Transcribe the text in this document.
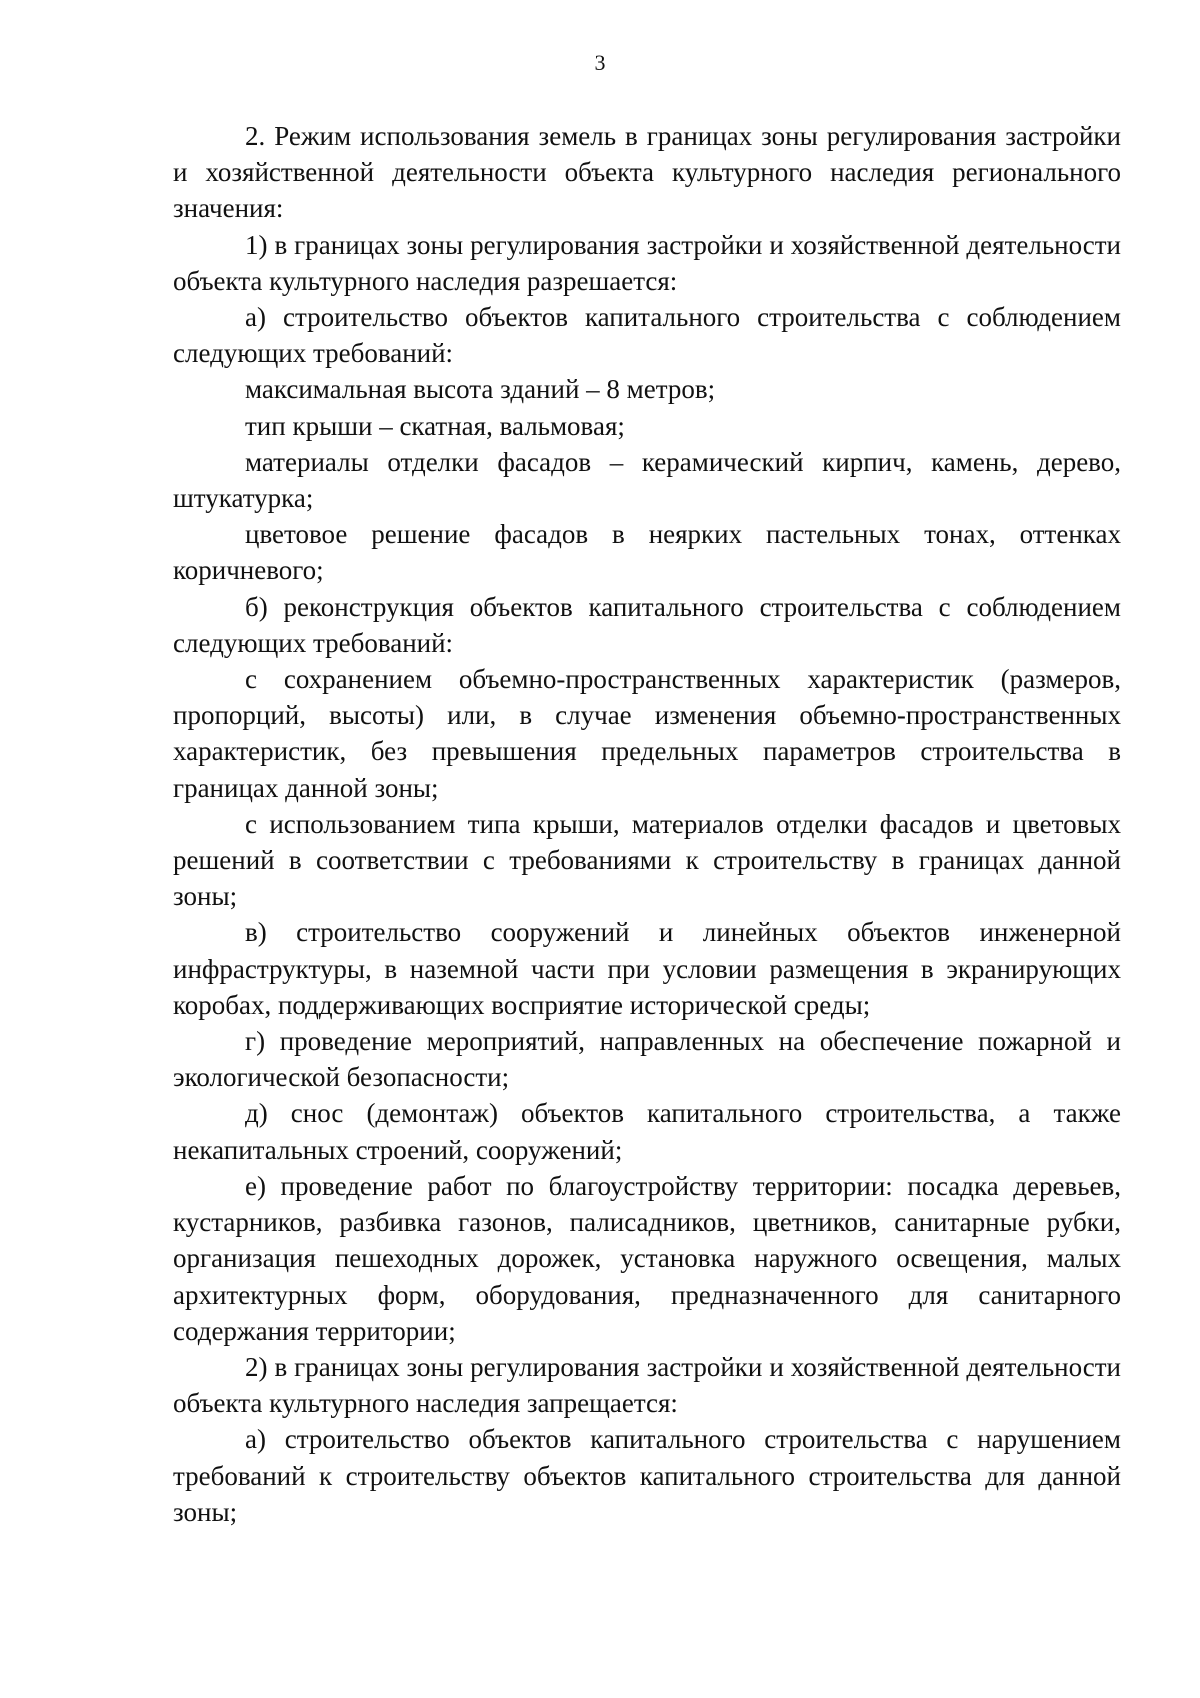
3

2. Режим использования земель в границах зоны регулирования застройки и хозяйственной деятельности объекта культурного наследия регионального значения:

1) в границах зоны регулирования застройки и хозяйственной деятельности объекта культурного наследия разрешается:

а) строительство объектов капитального строительства с соблюдением следующих требований:

максимальная высота зданий – 8 метров;

тип крыши – скатная, вальмовая;

материалы отделки фасадов – керамический кирпич, камень, дерево, штукатурка;

цветовое решение фасадов в неярких пастельных тонах, оттенках коричневого;

б) реконструкция объектов капитального строительства с соблюдением следующих требований:

с сохранением объемно-пространственных характеристик (размеров, пропорций, высоты) или, в случае изменения объемно-пространственных характеристик, без превышения предельных параметров строительства в границах данной зоны;

с использованием типа крыши, материалов отделки фасадов и цветовых решений в соответствии с требованиями к строительству в границах данной зоны;

в) строительство сооружений и линейных объектов инженерной инфраструктуры, в наземной части при условии размещения в экранирующих коробах, поддерживающих восприятие исторической среды;

г) проведение мероприятий, направленных на обеспечение пожарной и экологической безопасности;

д) снос (демонтаж) объектов капитального строительства, а также некапитальных строений, сооружений;

е) проведение работ по благоустройству территории: посадка деревьев, кустарников, разбивка газонов, палисадников, цветников, санитарные рубки, организация пешеходных дорожек, установка наружного освещения, малых архитектурных форм, оборудования, предназначенного для санитарного содержания территории;

2) в границах зоны регулирования застройки и хозяйственной деятельности объекта культурного наследия запрещается:

а) строительство объектов капитального строительства с нарушением требований к строительству объектов капитального строительства для данной зоны;
